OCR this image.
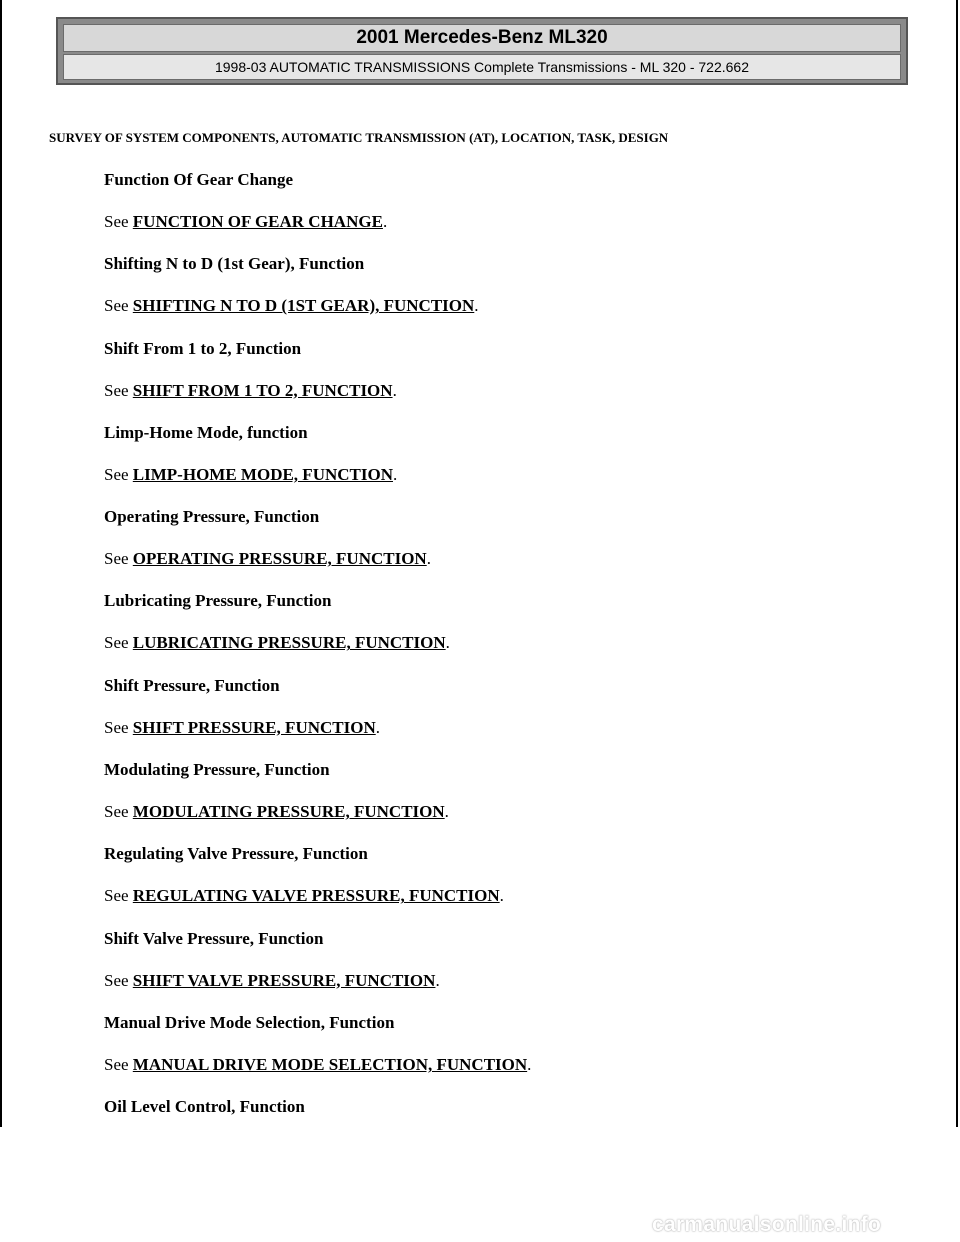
2001 Mercedes-Benz ML320
1998-03 AUTOMATIC TRANSMISSIONS Complete Transmissions - ML 320 - 722.662
SURVEY OF SYSTEM COMPONENTS, AUTOMATIC TRANSMISSION (AT), LOCATION, TASK, DESIGN
Function Of Gear Change
See FUNCTION OF GEAR CHANGE.
Shifting N to D (1st Gear), Function
See SHIFTING N TO D (1ST GEAR), FUNCTION.
Shift From 1 to 2, Function
See SHIFT FROM 1 TO 2, FUNCTION.
Limp-Home Mode, function
See LIMP-HOME MODE, FUNCTION.
Operating Pressure, Function
See OPERATING PRESSURE, FUNCTION.
Lubricating Pressure, Function
See LUBRICATING PRESSURE, FUNCTION.
Shift Pressure, Function
See SHIFT PRESSURE, FUNCTION.
Modulating Pressure, Function
See MODULATING PRESSURE, FUNCTION.
Regulating Valve Pressure, Function
See REGULATING VALVE PRESSURE, FUNCTION.
Shift Valve Pressure, Function
See SHIFT VALVE PRESSURE, FUNCTION.
Manual Drive Mode Selection, Function
See MANUAL DRIVE MODE SELECTION, FUNCTION.
Oil Level Control, Function
carmanualsonline.info
